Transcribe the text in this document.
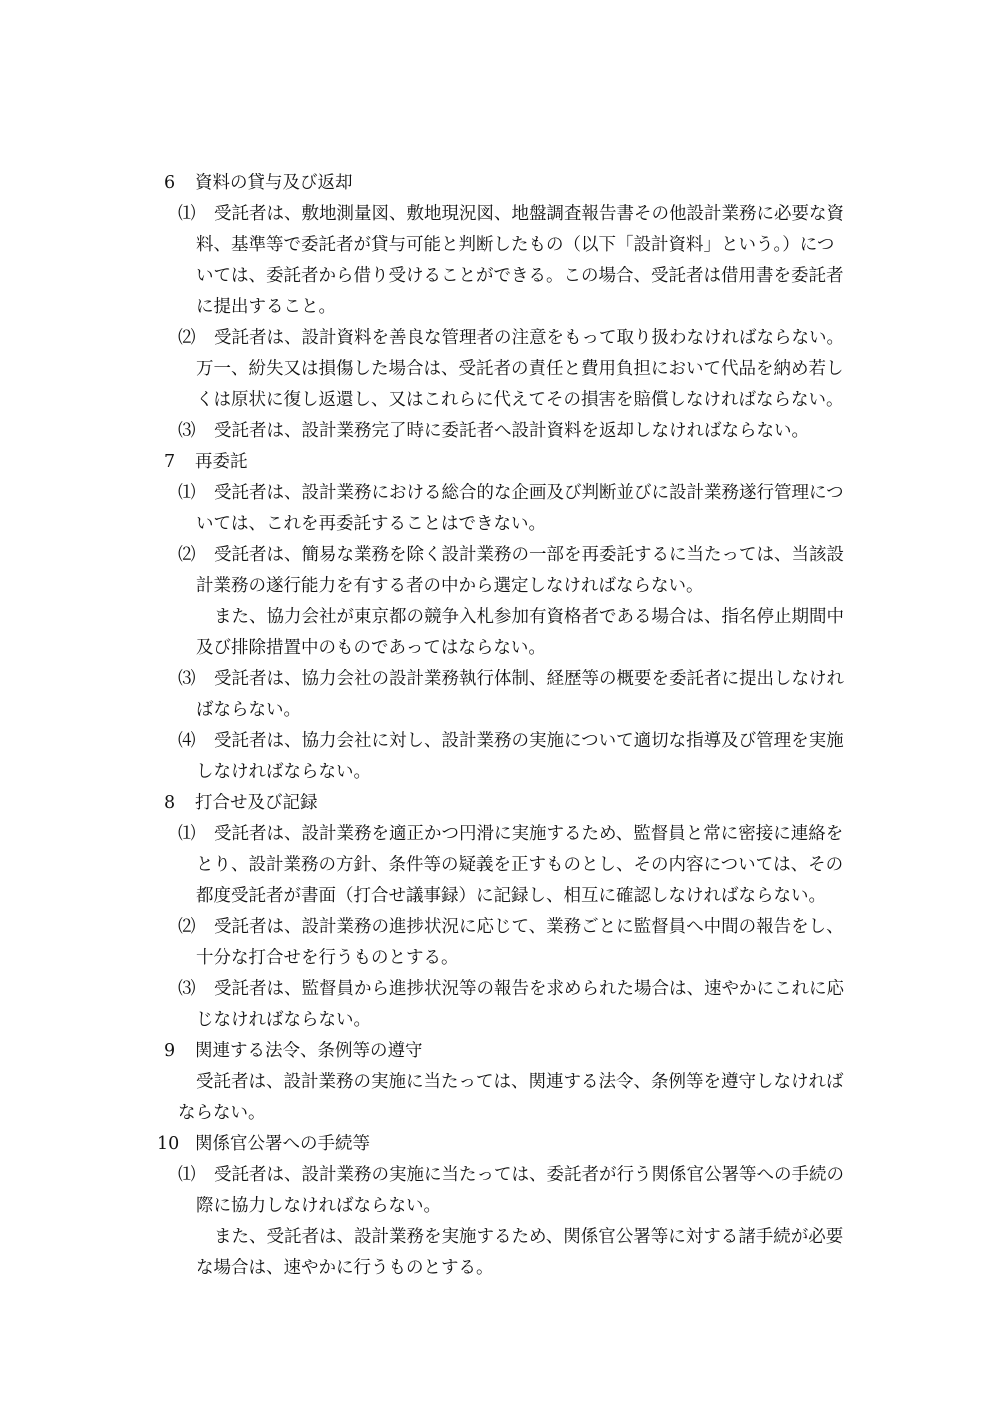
6 資料の貸与及び返却
⑴ 受託者は、敷地測量図、敷地現況図、地盤調査報告書その他設計業務に必要な資
料、基準等で委託者が貸与可能と判断したもの（以下「設計資料」という。）につ
いては、委託者から借り受けることができる。この場合、受託者は借用書を委託者
に提出すること。
⑵ 受託者は、設計資料を善良な管理者の注意をもって取り扱わなければならない。
万一、紛失又は損傷した場合は、受託者の責任と費用負担において代品を納め若し
くは原状に復し返還し、又はこれらに代えてその損害を賠償しなければならない。
⑶ 受託者は、設計業務完了時に委託者へ設計資料を返却しなければならない。
7 再委託
⑴ 受託者は、設計業務における総合的な企画及び判断並びに設計業務遂行管理につ
いては、これを再委託することはできない。
⑵ 受託者は、簡易な業務を除く設計業務の一部を再委託するに当たっては、当該設
計業務の遂行能力を有する者の中から選定しなければならない。
また、協力会社が東京都の競争入札参加有資格者である場合は、指名停止期間中
及び排除措置中のものであってはならない。
⑶ 受託者は、協力会社の設計業務執行体制、経歴等の概要を委託者に提出しなけれ
ばならない。
⑷ 受託者は、協力会社に対し、設計業務の実施について適切な指導及び管理を実施
しなければならない。
8 打合せ及び記録
⑴ 受託者は、設計業務を適正かつ円滑に実施するため、監督員と常に密接に連絡を
とり、設計業務の方針、条件等の疑義を正すものとし、その内容については、その
都度受託者が書面（打合せ議事録）に記録し、相互に確認しなければならない。
⑵ 受託者は、設計業務の進捗状況に応じて、業務ごとに監督員へ中間の報告をし、
十分な打合せを行うものとする。
⑶ 受託者は、監督員から進捗状況等の報告を求められた場合は、速やかにこれに応
じなければならない。
9 関連する法令、条例等の遵守
受託者は、設計業務の実施に当たっては、関連する法令、条例等を遵守しなければ
ならない。
10 関係官公署への手続等
⑴ 受託者は、設計業務の実施に当たっては、委託者が行う関係官公署等への手続の
際に協力しなければならない。
また、受託者は、設計業務を実施するため、関係官公署等に対する諸手続が必要
な場合は、速やかに行うものとする。
